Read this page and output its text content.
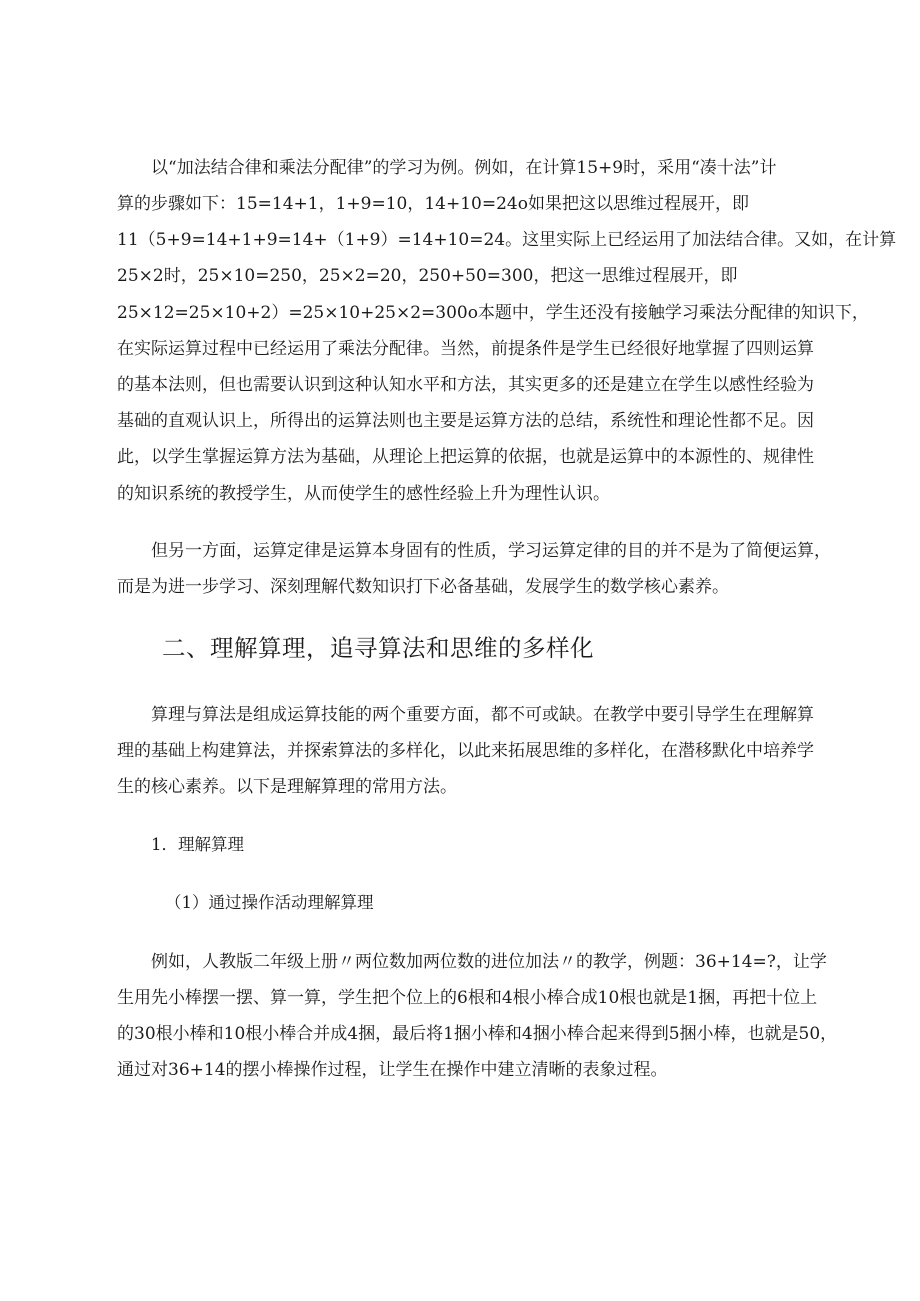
以“加法结合律和乘法分配律”的学习为例。例如，在计算15+9时，采用“凑十法”计
算的步骤如下：15=14+1，1+9=10，14+10=24o如果把这以思维过程展开，即
11（5+9=14+1+9=14+（1+9）=14+10=24。这里实际上已经运用了加法结合律。又如，在计算
25×2时，25×10=250，25×2=20，250+50=300，把这一思维过程展开，即
25×12=25×10+2）=25×10+25×2=300o本题中，学生还没有接触学习乘法分配律的知识下，
在实际运算过程中已经运用了乘法分配律。当然，前提条件是学生已经很好地掌握了四则运算
的基本法则，但也需要认识到这种认知水平和方法，其实更多的还是建立在学生以感性经验为
基础的直观认识上，所得出的运算法则也主要是运算方法的总结，系统性和理论性都不足。因
此，以学生掌握运算方法为基础，从理论上把运算的依据，也就是运算中的本源性的、规律性
的知识系统的教授学生，从而使学生的感性经验上升为理性认识。
但另一方面，运算定律是运算本身固有的性质，学习运算定律的目的并不是为了简便运算，
而是为进一步学习、深刻理解代数知识打下必备基础，发展学生的数学核心素养。
二、理解算理，追寻算法和思维的多样化
算理与算法是组成运算技能的两个重要方面，都不可或缺。在教学中要引导学生在理解算
理的基础上构建算法，并探索算法的多样化，以此来拓展思维的多样化，在潜移默化中培养学
生的核心素养。以下是理解算理的常用方法。
1．理解算理
（1）通过操作活动理解算理
例如，人教版二年级上册〃两位数加两位数的进位加法〃的教学，例题：36+14=?，让学
生用先小棒摆一摆、算一算，学生把个位上的6根和4根小棒合成10根也就是1捆，再把十位上
的30根小棒和10根小棒合并成4捆，最后将1捆小棒和4捆小棒合起来得到5捆小棒，也就是50，
通过对36+14的摆小棒操作过程，让学生在操作中建立清晰的表象过程。
